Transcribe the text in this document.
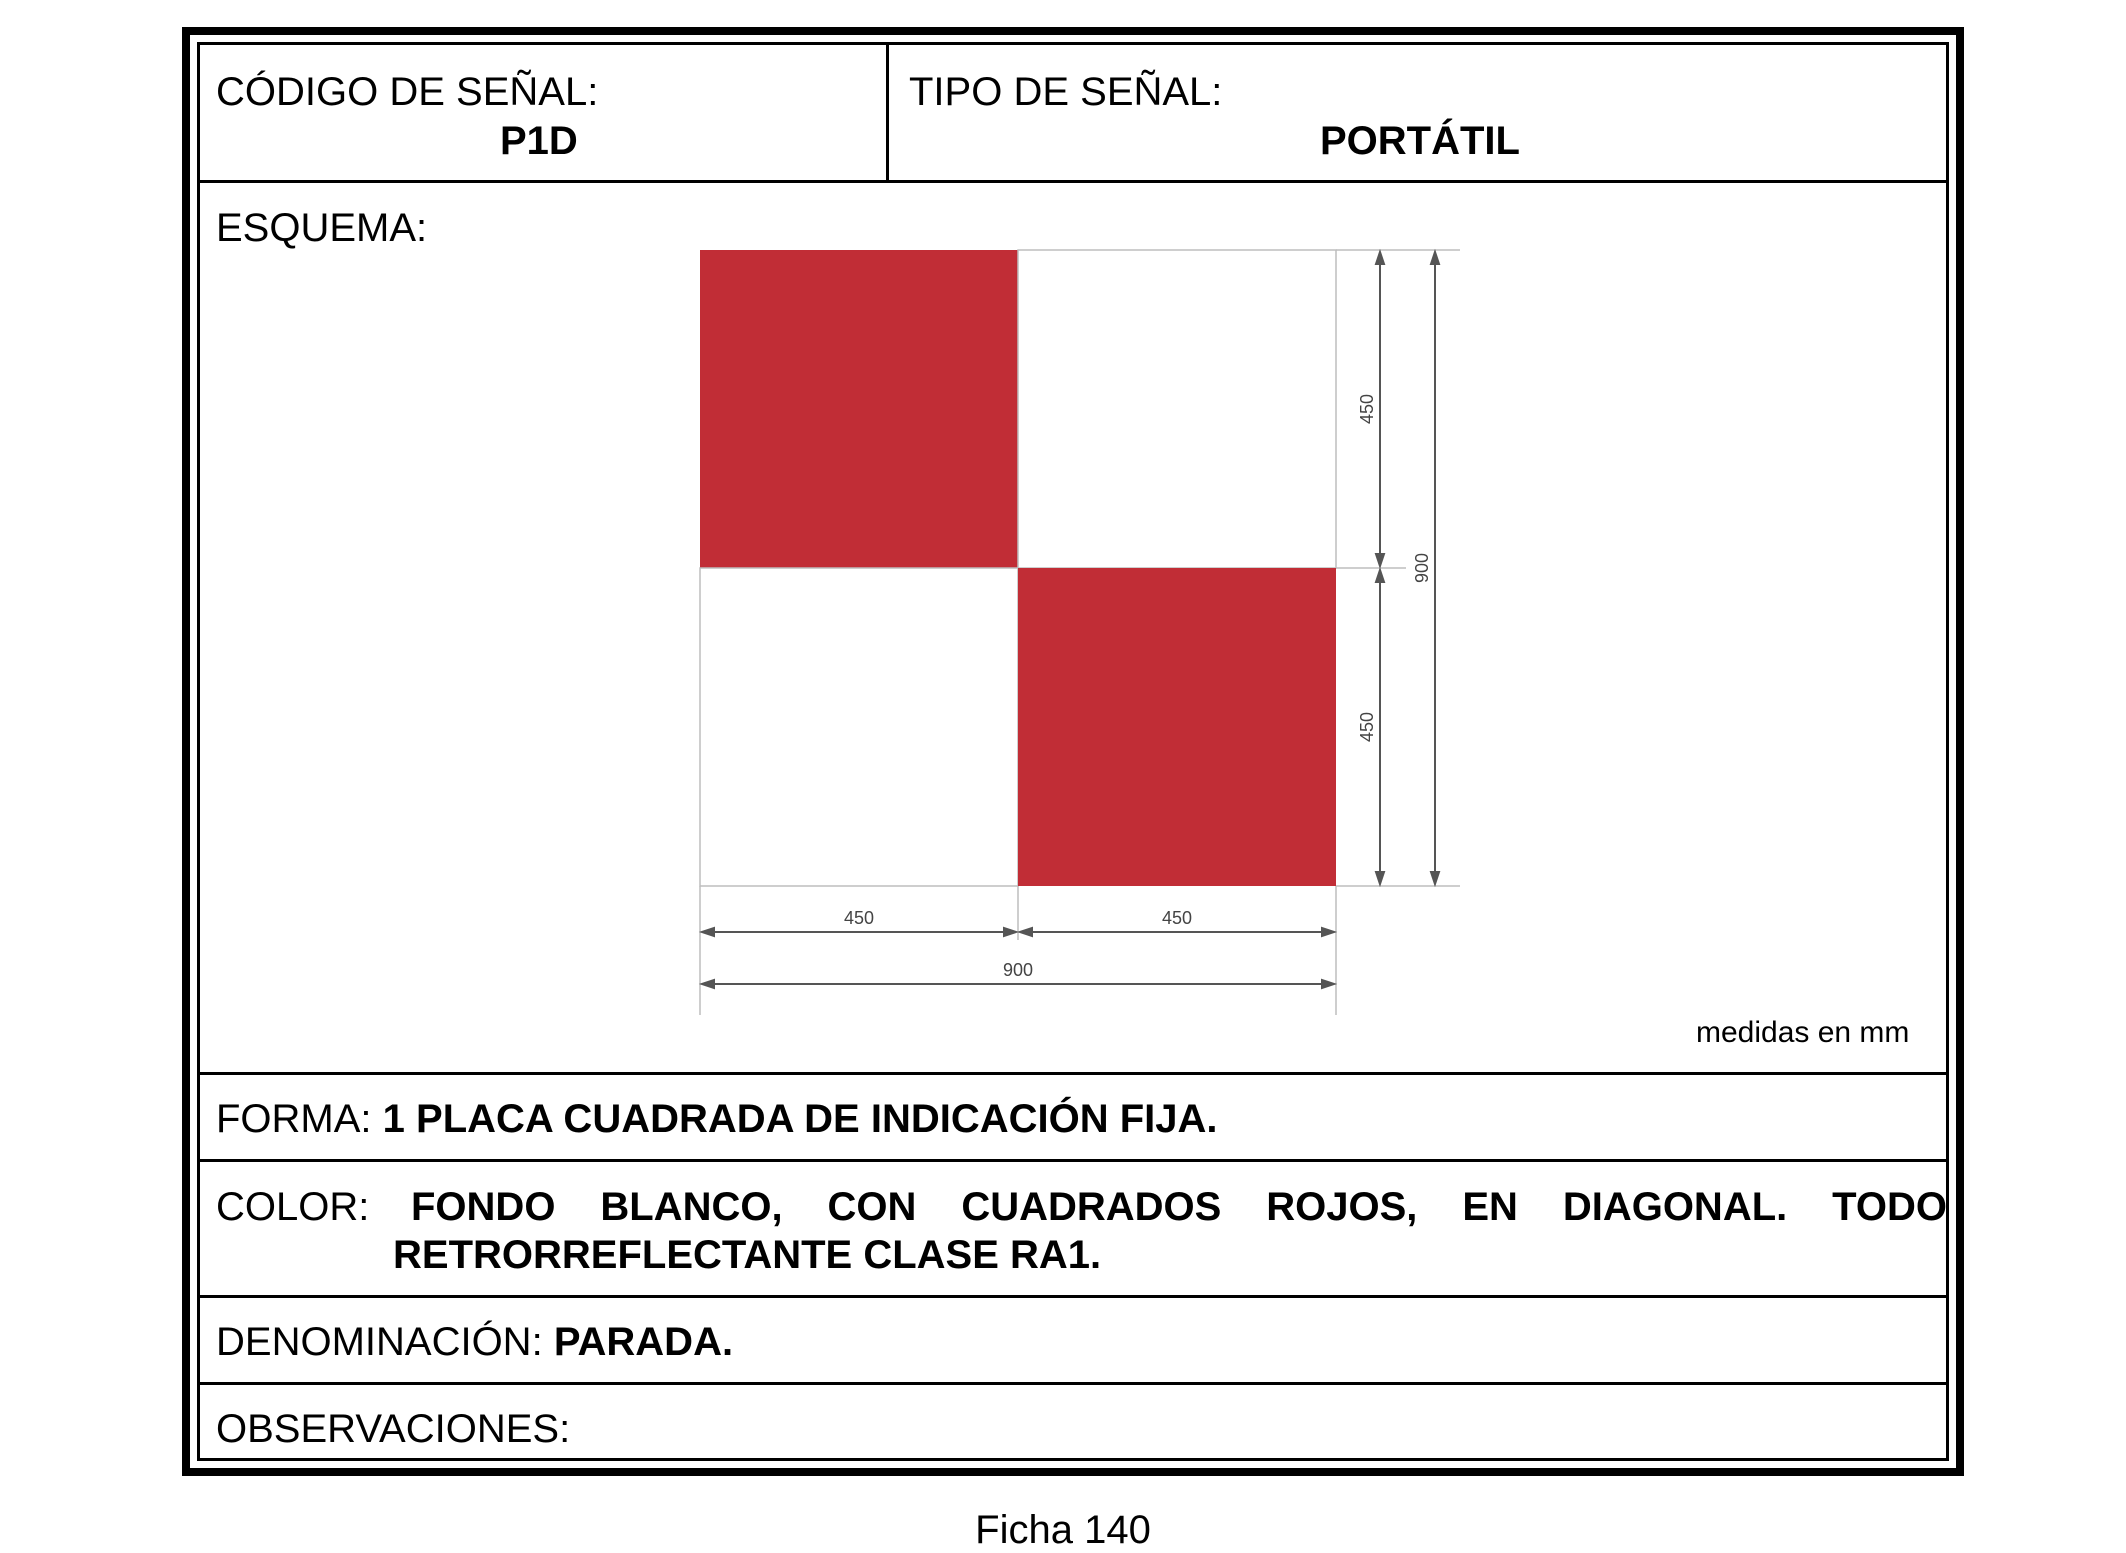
CÓDIGO DE SEÑAL:
P1D
TIPO DE SEÑAL:
PORTÁTIL
ESQUEMA:
450
450
900
450	450
900
medidas en mm
FORMA: 1 PLACA CUADRADA DE INDICACIÓN FIJA.
COLOR: FONDO BLANCO, CON CUADRADOS ROJOS, EN DIAGONAL. TODO
RETRORREFLECTANTE CLASE RA1.
DENOMINACIÓN: PARADA.
OBSERVACIONES:
Ficha 140
